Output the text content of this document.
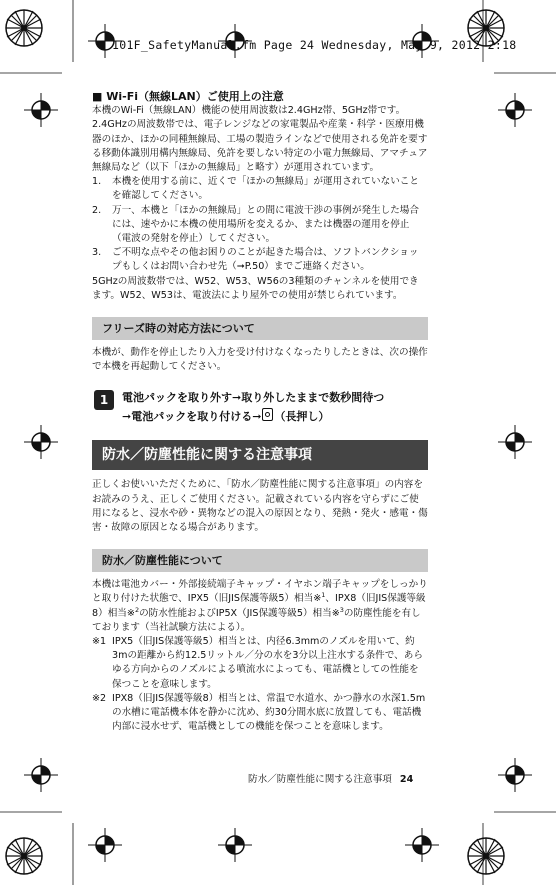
101F_SafetyManual.fm Page 24 Wednesday, May 9, 2012 2:18

■ Wi-Fi（無線LAN）ご使用上の注意

本機のWi-Fi（無線LAN）機能の使用周波数は2.4GHz帯、5GHz帯です。2.4GHzの周波数帯では、電子レンジなどの家電製品や産業・科学・医療用機器のほか、ほかの同種無線局、工場の製造ラインなどで使用される免許を要する移動体識別用構内無線局、免許を要しない特定の小電力無線局、アマチュア無線局など（以下「ほかの無線局」と略す）が運用されています。

1. 本機を使用する前に、近くで「ほかの無線局」が運用されていないことを確認してください。
2. 万一、本機と「ほかの無線局」との間に電波干渉の事例が発生した場合には、速やかに本機の使用場所を変えるか、または機器の運用を停止（電波の発射を停止）してください。
3. ご不明な点やその他お困りのことが起きた場合は、ソフトバンクショップもしくはお問い合わせ先（➞P.50）までご連絡ください。

5GHzの周波数帯では、W52、W53、W56の3種類のチャンネルを使用できます。W52、W53は、電波法により屋外での使用が禁じられています。

フリーズ時の対応方法について

本機が、動作を停止したり入力を受け付けなくなったりしたときは、次の操作で本機を再起動してください。

1	電池パックを取り外す➞取り外したままで数秒間待つ
➞電池パックを取り付ける➞ （長押し）
防水／防塵性能に関する注意事項

正しくお使いいただくために、「防水／防塵性能に関する注意事項」の内容をお読みのうえ、正しくご使用ください。記載されている内容を守らずにご使用になると、浸水や砂・異物などの混入の原因となり、発熱・発火・感電・傷害・故障の原因となる場合があります。

防水／防塵性能について

本機は電池カバー・外部接続端子キャップ・イヤホン端子キャップをしっかりと取り付けた状態で、IPX5（旧JIS保護等級5）相当※$^1$、IPX8（旧JIS保護等級8）相当※$^2$の防水性能およびIP5X（JIS保護等級5）相当※$^3$の防塵性能を有しております（当社試験方法による）。

※1 IPX5（旧JIS保護等級5）相当とは、内径6.3mmのノズルを用いて、約3mの距離から約12.5リットル／分の水を3分以上注水する条件で、あらゆる方向からのノズルによる噴流水によっても、電話機としての性能を保つことを意味します。
※2 IPX8（旧JIS保護等級8）相当とは、常温で水道水、かつ静水の水深1.5mの水槽に電話機本体を静かに沈め、約30分間水底に放置しても、電話機内部に浸水せず、電話機としての機能を保つことを意味します。
防水／防塵性能に関する注意事項 24
